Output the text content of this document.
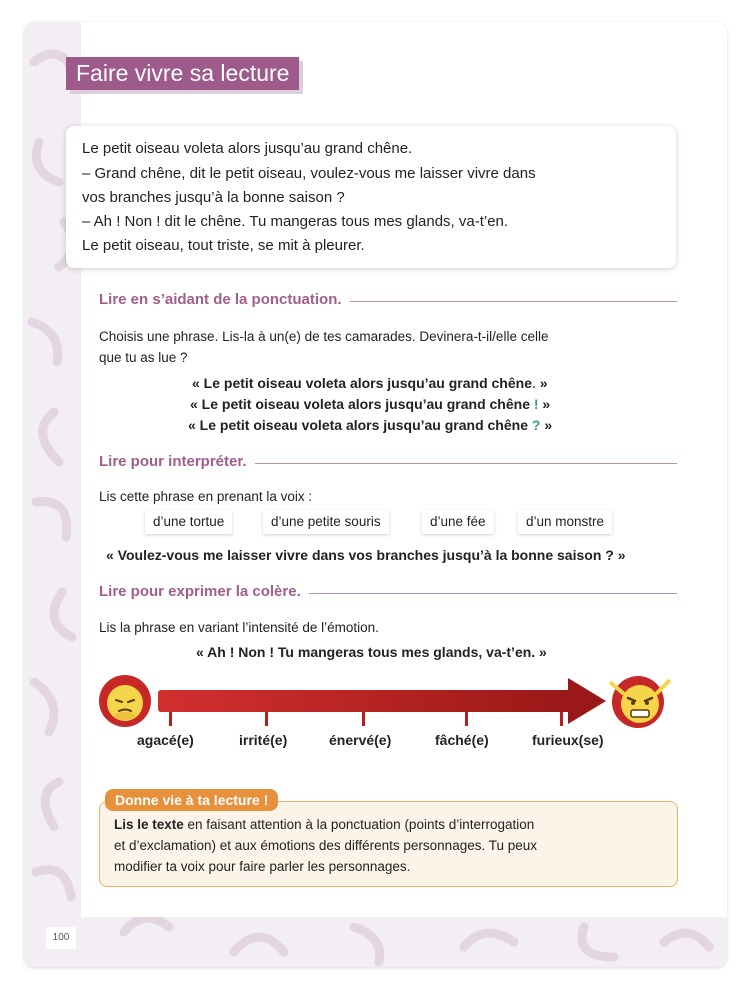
Faire vivre sa lecture
Le petit oiseau voleta alors jusqu’au grand chêne.
– Grand chêne, dit le petit oiseau, voulez-vous me laisser vivre dans
vos branches jusqu’à la bonne saison ?
– Ah ! Non ! dit le chêne. Tu mangeras tous mes glands, va-t’en.
Le petit oiseau, tout triste, se mit à pleurer.
Lire en s’aidant de la ponctuation.
Choisis une phrase. Lis-la à un(e) de tes camarades. Devinera-t-il/elle celle
que tu as lue ?
« Le petit oiseau voleta alors jusqu’au grand chêne. »
« Le petit oiseau voleta alors jusqu’au grand chêne ! »
« Le petit oiseau voleta alors jusqu’au grand chêne ? »
Lire pour interpréter.
Lis cette phrase en prenant la voix :
d’une tortue	d’une petite souris	d’une fée	d’un monstre
« Voulez-vous me laisser vivre dans vos branches jusqu’à la bonne saison ? »
Lire pour exprimer la colère.
Lis la phrase en variant l’intensité de l’émotion.
« Ah ! Non ! Tu mangeras tous mes glands, va-t’en. »
agacé(e)	irrité(e)	énervé(e)	fâché(e)	furieux(se)
Lis le texte en faisant attention à la ponctuation (points d’interrogation
et d’exclamation) et aux émotions des différents personnages. Tu peux
modifier ta voix pour faire parler les personnages.
Donne vie à ta lecture !
100
